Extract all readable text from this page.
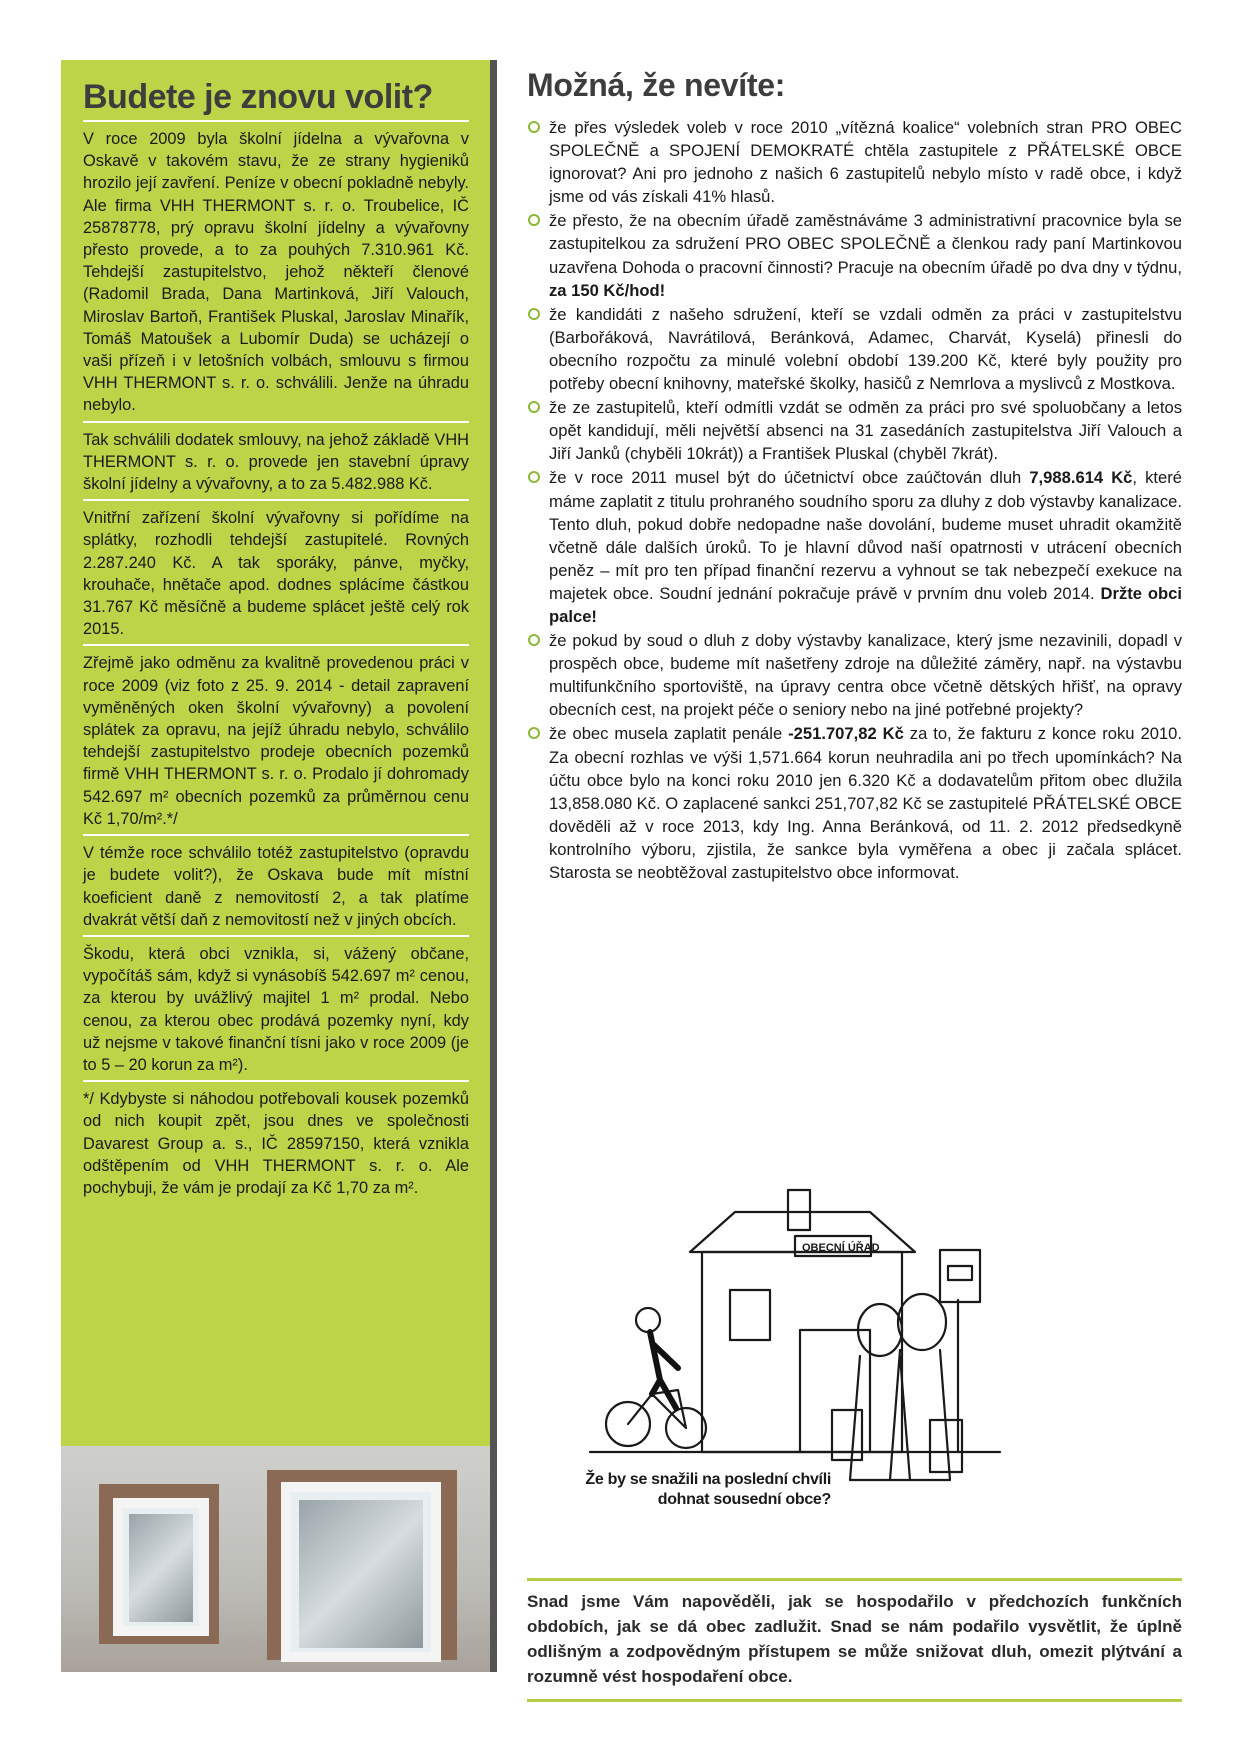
Budete je znovu volit?

V roce 2009 byla školní jídelna a vývařovna v Oskavě v takovém stavu, že ze strany hygieniků hrozilo její zavření. Peníze v obecní pokladně nebyly. Ale firma VHH THERMONT s. r. o. Troubelice, IČ 25878778, prý opravu školní jídelny a vývařovny přesto provede, a to za pouhých 7.310.961 Kč. Tehdejší zastupitelstvo, jehož někteří členové (Radomil Brada, Dana Martinková, Jiří Valouch, Miroslav Bartoň, František Pluskal, Jaroslav Minařík, Tomáš Matoušek a Lubomír Duda) se ucházejí o vaši přízeň i v letošních volbách, smlouvu s firmou VHH THERMONT s. r. o. schválili. Jenže na úhradu nebylo.

Tak schválili dodatek smlouvy, na jehož základě VHH THERMONT s. r. o. provede jen stavební úpravy školní jídelny a vývařovny, a to za 5.482.988 Kč.

Vnitřní zařízení školní vývařovny si pořídíme na splátky, rozhodli tehdejší zastupitelé. Rovných 2.287.240 Kč. A tak sporáky, pánve, myčky, krouhače, hnětače apod. dodnes splácíme částkou 31.767 Kč měsíčně a budeme splácet ještě celý rok 2015.

Zřejmě jako odměnu za kvalitně provedenou práci v roce 2009 (viz foto z 25. 9. 2014 - detail zapravení vyměněných oken školní vývařovny) a povolení splátek za opravu, na jejíž úhradu nebylo, schválilo tehdejší zastupitelstvo prodeje obecních pozemků firmě VHH THERMONT s. r. o. Prodalo jí dohromady 542.697 m² obecních pozemků za průměrnou cenu Kč 1,70/m².*/

V témže roce schválilo totéž zastupitelstvo (opravdu je budete volit?), že Oskava bude mít místní koeficient daně z nemovitostí 2, a tak platíme dvakrát větší daň z nemovitostí než v jiných obcích.

Škodu, která obci vznikla, si, vážený občane, vypočítáš sám, když si vynásobíš 542.697 m² cenou, za kterou by uvážlivý majitel 1 m² prodal. Nebo cenou, za kterou obec prodává pozemky nyní, kdy už nejsme v takové finanční tísni jako v roce 2009 (je to 5 – 20 korun za m²).

*/ Kdybyste si náhodou potřebovali kousek pozemků od nich koupit zpět, jsou dnes ve společnosti Davarest Group a. s., IČ 28597150, která vznikla odštěpením od VHH THERMONT s. r. o. Ale pochybuji, že vám je prodají za Kč 1,70 za m².

Možná, že nevíte:
že přes výsledek voleb v roce 2010 „vítězná koalice“ volebních stran PRO OBEC SPOLEČNĚ a SPOJENÍ DEMOKRATÉ chtěla zastupitele z PŘÁTELSKÉ OBCE ignorovat? Ani pro jednoho z našich 6 zastupitelů nebylo místo v radě obce, i když jsme od vás získali 41% hlasů.
že přesto, že na obecním úřadě zaměstnáváme 3 administrativní pracovnice byla se zastupitelkou za sdružení PRO OBEC SPOLEČNĚ a členkou rady paní Martinkovou uzavřena Dohoda o pracovní činnosti? Pracuje na obecním úřadě po dva dny v týdnu, za 150 Kč/hod!
že kandidáti z našeho sdružení, kteří se vzdali odměn za práci v zastupitelstvu (Barbořáková, Navrátilová, Beránková, Adamec, Charvát, Kyselá) přinesli do obecního rozpočtu za minulé volební období 139.200 Kč, které byly použity pro potřeby obecní knihovny, mateřské školky, hasičů z Nemrlova a myslivců z Mostkova.
že ze zastupitelů, kteří odmítli vzdát se odměn za práci pro své spoluobčany a letos opět kandidují, měli největší absenci na 31 zasedáních zastupitelstva Jiří Valouch a Jiří Janků (chyběli 10krát)) a František Pluskal (chyběl 7krát).
že v roce 2011 musel být do účetnictví obce zaúčtován dluh 7,988.614 Kč, které máme zaplatit z titulu prohraného soudního sporu za dluhy z dob výstavby kanalizace. Tento dluh, pokud dobře nedopadne naše dovolání, budeme muset uhradit okamžitě včetně dále dalších úroků. To je hlavní důvod naší opatrnosti v utrácení obecních peněz – mít pro ten případ finanční rezervu a vyhnout se tak nebezpečí exekuce na majetek obce. Soudní jednání pokračuje právě v prvním dnu voleb 2014. Držte obci palce!
že pokud by soud o dluh z doby výstavby kanalizace, který jsme nezavinili, dopadl v prospěch obce, budeme mít našetřeny zdroje na důležité záměry, např. na výstavbu multifunkčního sportoviště, na úpravy centra obce včetně dětských hřišť, na opravy obecních cest, na projekt péče o seniory nebo na jiné potřebné projekty?
že obec musela zaplatit penále -251.707,82 Kč za to, že fakturu z konce roku 2010. Za obecní rozhlas ve výši 1,571.664 korun neuhradila ani po třech upomínkách? Na účtu obce bylo na konci roku 2010 jen 6.320 Kč a dodavatelům přitom obec dlužila 13,858.080 Kč. O zaplacené sankci 251,707,82 Kč se zastupitelé PŘÁTELSKÉ OBCE dověděli až v roce 2013, kdy Ing. Anna Beránková, od 11. 2. 2012 předsedkyně kontrolního výboru, zjistila, že sankce byla vyměřena a obec ji začala splácet. Starosta se neobtěžoval zastupitelstvo obce informovat.
OBECNÍ ÚŘAD
Že by se snažili na poslední chvíli
dohnat sousední obce?

Snad jsme Vám napověděli, jak se hospodařilo v předchozích funkčních obdobích, jak se dá obec zadlužit. Snad se nám podařilo vysvětlit, že úplně odlišným a zodpovědným přístupem se může snižovat dluh, omezit plýtvání a rozumně vést hospodaření obce.
